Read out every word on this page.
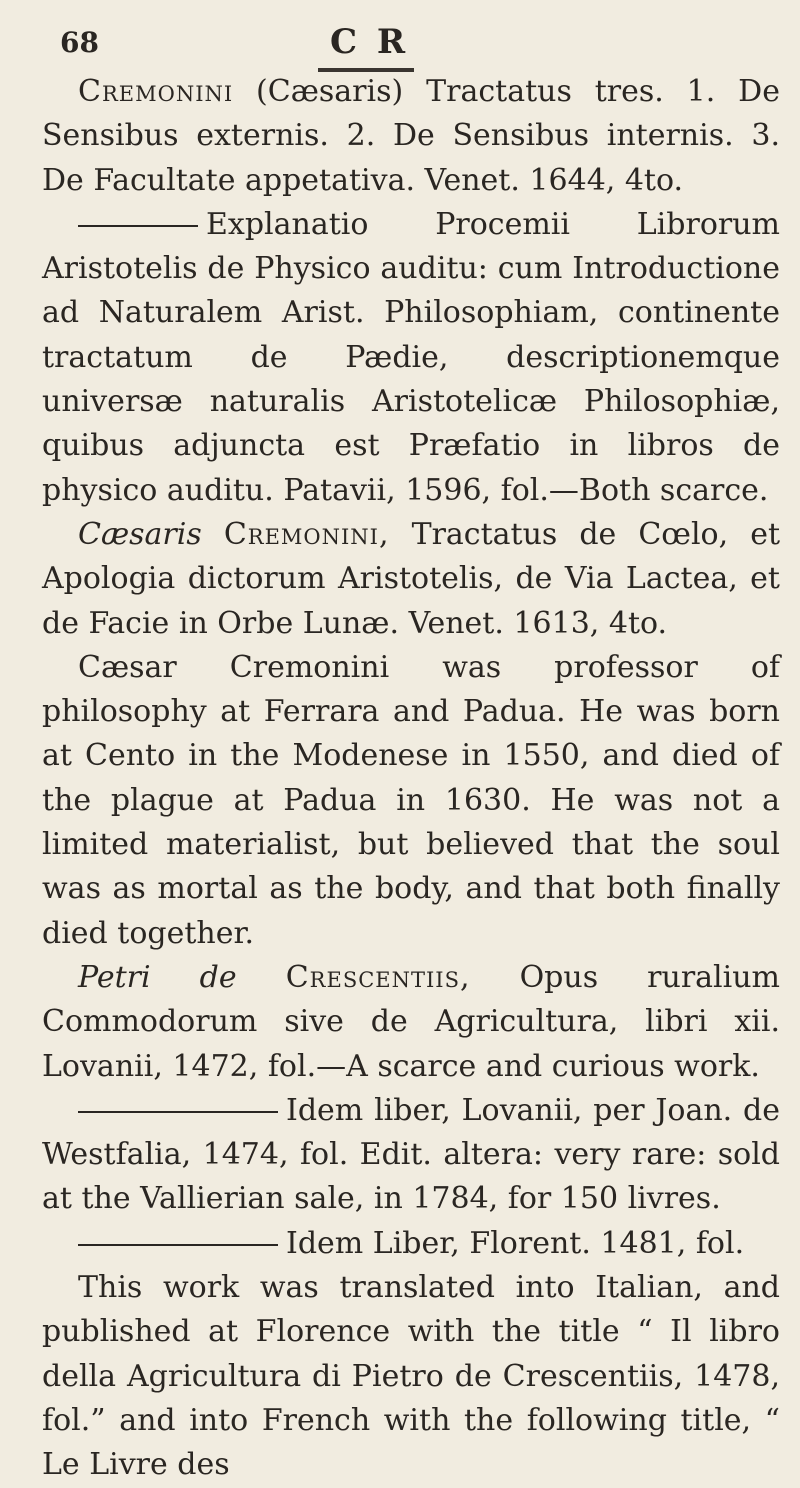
68	C R

Cremonini (Cæsaris) Tractatus tres. 1. De Sensibus externis. 2. De Sensibus internis. 3. De Facultate appetativa. Venet. 1644, 4to.

Explanatio Procemii Librorum Aristotelis de Physico auditu: cum Introductione ad Naturalem Arist. Philosophiam, continente tractatum de Pædie, descriptionemque universæ naturalis Aristotelicæ Philosophiæ, quibus adjuncta est Præfatio in libros de physico auditu. Patavii, 1596, fol.—Both scarce.

Cæsaris Cremonini, Tractatus de Cœlo, et Apologia dictorum Aristotelis, de Via Lactea, et de Facie in Orbe Lunæ. Venet. 1613, 4to.

Cæsar Cremonini was professor of philosophy at Ferrara and Padua. He was born at Cento in the Modenese in 1550, and died of the plague at Padua in 1630. He was not a limited materialist, but believed that the soul was as mortal as the body, and that both finally died together.

Petri de Crescentiis, Opus ruralium Commodorum sive de Agricultura, libri xii. Lovanii, 1472, fol.—A scarce and curious work.

Idem liber, Lovanii, per Joan. de Westfalia, 1474, fol. Edit. altera: very rare: sold at the Vallierian sale, in 1784, for 150 livres.

Idem Liber, Florent. 1481, fol.

This work was translated into Italian, and published at Florence with the title “ Il libro della Agricultura di Pietro de Crescentiis, 1478, fol.” and into French with the following title, “ Le Livre des
